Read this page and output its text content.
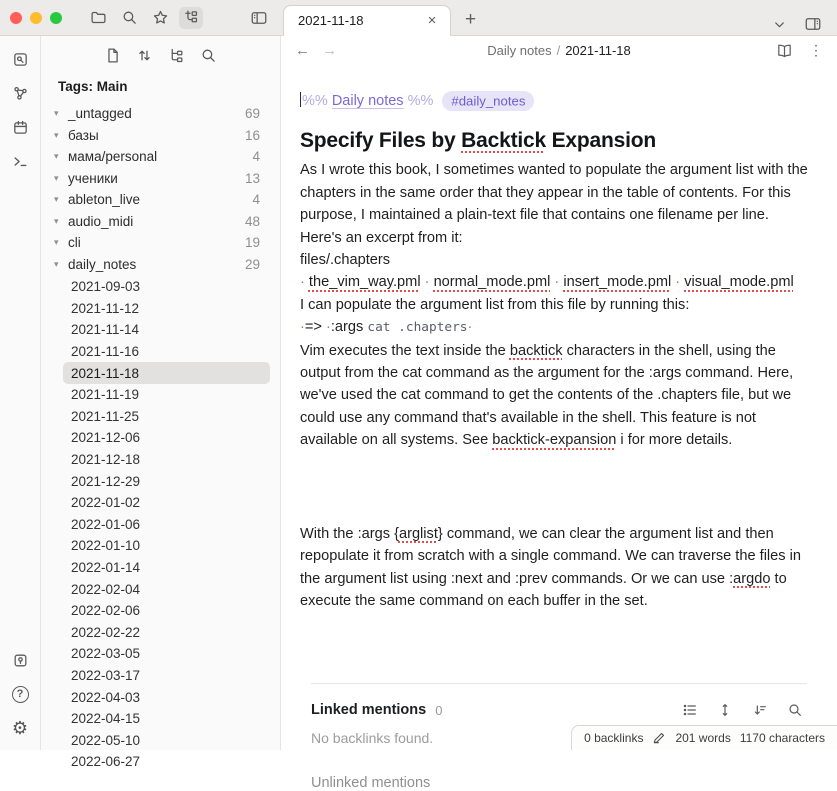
2021-11-18	× +
?
⚙
Tags: Main
▾ _untagged	69
▾ базы	16
▾ мама/personal	4
▾ ученики	13
▾ ableton_live	4
▾ audio_midi	48
▾ cli	19
▾ daily_notes	29
2021-09-03
2021-11-12
2021-11-14
2021-11-16
2021-11-18
2021-11-19
2021-11-25
2021-12-06
2021-12-18
2021-12-29
2022-01-02
2022-01-06
2022-01-10
2022-01-14
2022-02-04
2022-02-06
2022-02-22
2022-03-05
2022-03-17
2022-04-03
2022-04-15
2022-05-10
2022-06-27
← →	Daily notes / 2021-11-18	⋮
%% Daily notes %% #daily_notes
Specify Files by Backtick Expansion
As I wrote this book, I sometimes wanted to populate the argument list with the chapters in the same order that they appear in the table of contents. For this purpose, I maintained a plain-text file that contains one filename per line. Here's an excerpt from it:
files/.chapters
· the_vim_way.pml · normal_mode.pml · insert_mode.pml · visual_mode.pml
I can populate the argument list from this file by running this:
·=> ·:args cat .chapters·
Vim executes the text inside the backtick characters in the shell, using the output from the cat command as the argument for the :args command. Here, we've used the cat command to get the contents of the .chapters file, but we could use any command that's available in the shell. This feature is not available on all systems. See backtick-expansion i for more details.
With the :args {arglist} command, we can clear the argument list and then repopulate it from scratch with a single command. We can traverse the files in the argument list using :next and :prev commands. Or we can use :argdo to execute the same command on each buffer in the set.
Linked mentions 0
No backlinks found.
Unlinked mentions
0 backlinks	201 words 1170 characters
